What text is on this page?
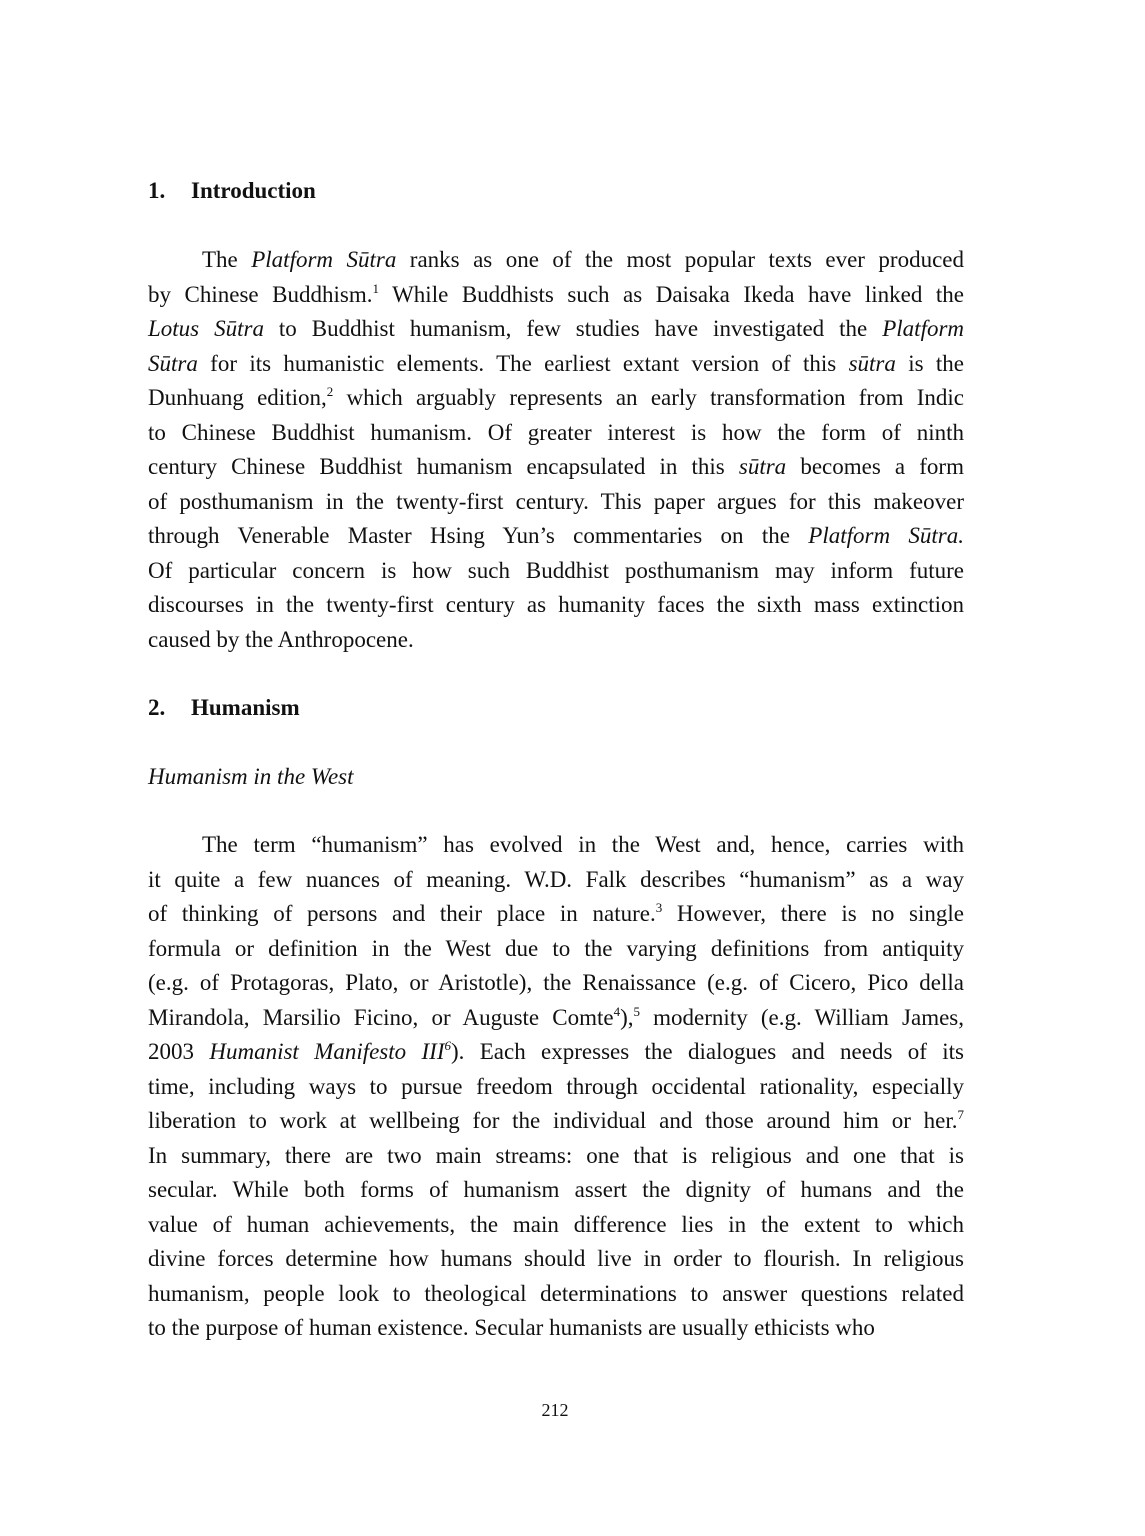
1. Introduction
The Platform Sūtra ranks as one of the most popular texts ever produced
by Chinese Buddhism.$^1$ While Buddhists such as Daisaka Ikeda have linked the
Lotus Sūtra to Buddhist humanism, few studies have investigated the Platform
Sūtra for its humanistic elements. The earliest extant version of this sūtra is the
Dunhuang edition,$^2$ which arguably represents an early transformation from Indic
to Chinese Buddhist humanism. Of greater interest is how the form of ninth
century Chinese Buddhist humanism encapsulated in this sūtra becomes a form
of posthumanism in the twenty-first century. This paper argues for this makeover
through Venerable Master Hsing Yun’s commentaries on the Platform Sūtra.
Of particular concern is how such Buddhist posthumanism may inform future
discourses in the twenty-first century as humanity faces the sixth mass extinction
caused by the Anthropocene.
2. Humanism
Humanism in the West
The term “humanism” has evolved in the West and, hence, carries with
it quite a few nuances of meaning. W.D. Falk describes “humanism” as a way
of thinking of persons and their place in nature.$^3$ However, there is no single
formula or definition in the West due to the varying definitions from antiquity
(e.g. of Protagoras, Plato, or Aristotle), the Renaissance (e.g. of Cicero, Pico della
Mirandola, Marsilio Ficino, or Auguste Comte$^4$),$^5$ modernity (e.g. William James,
2003 Humanist Manifesto III$^6$). Each expresses the dialogues and needs of its
time, including ways to pursue freedom through occidental rationality, especially
liberation to work at wellbeing for the individual and those around him or her.$^7$
In summary, there are two main streams: one that is religious and one that is
secular. While both forms of humanism assert the dignity of humans and the
value of human achievements, the main difference lies in the extent to which
divine forces determine how humans should live in order to flourish. In religious
humanism, people look to theological determinations to answer questions related
to the purpose of human existence. Secular humanists are usually ethicists who
212
